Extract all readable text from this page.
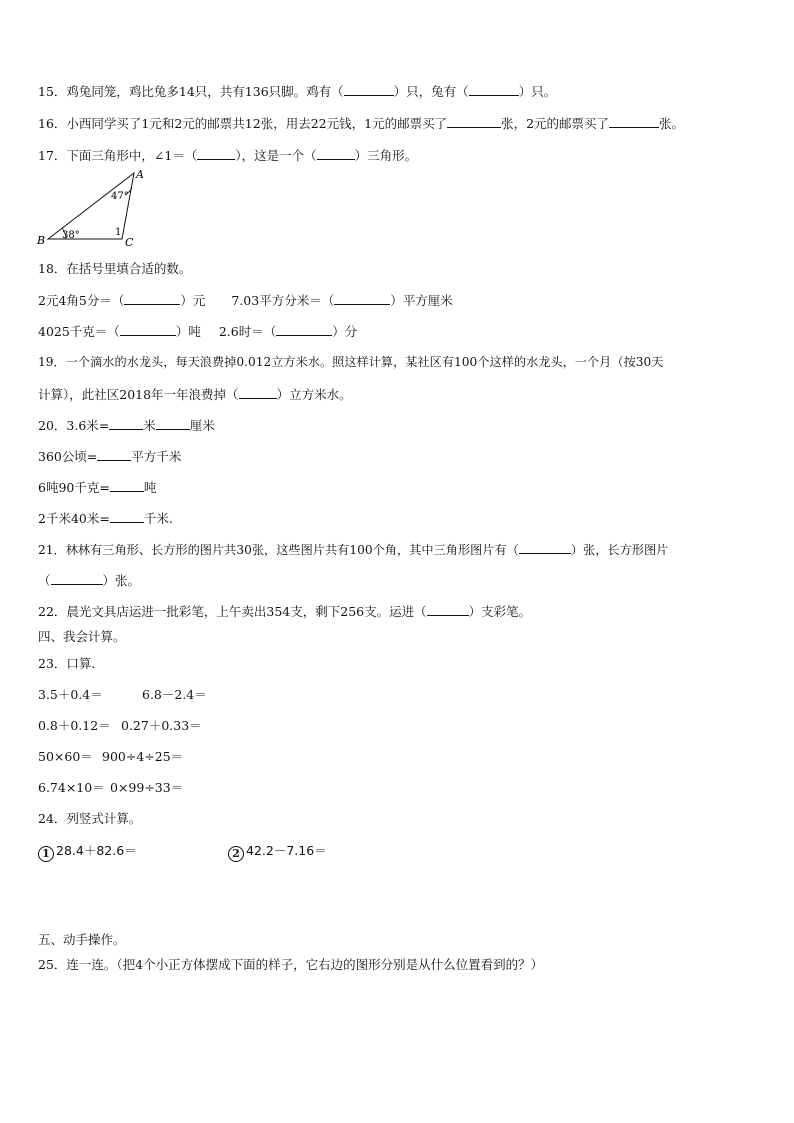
15．鸡兔同笼，鸡比兔多14只，共有136只脚。鸡有（	）只，兔有（	）只。
16．小西同学买了1元和2元的邮票共12张，用去22元钱，1元的邮票买了	张，2元的邮票买了	张。
17．下面三角形中，∠1＝（	），这是一个（	）三角形。
A
B	C
47°
38°	1
18．在括号里填合适的数。
2元4角5分＝（	）元 7.03平方分米＝（	）平方厘米
4025千克＝（	）吨 2.6时＝（	）分
19．一个滴水的水龙头，每天浪费掉0.012立方米水。照这样计算，某社区有100个这样的水龙头，一个月（按30天
计算），此社区2018年一年浪费掉（	）立方米水。
20．3.6米=	米	厘米
360公顷=	平方千米
6吨90千克=	吨
2千米40米=	千米.
21．林林有三角形、长方形的图片共30张，这些图片共有100个角，其中三角形图片有（	）张，长方形图片
（	）张。
22．晨光文具店运进一批彩笔，上午卖出354支，剩下256支。运进（	）支彩笔。
四、我会计算。
23．口算.
3.5＋0.4＝	6.8－2.4＝
0.8＋0.12＝ 0.27＋0.33＝
50×60＝ 900÷4÷25＝
6.74×10＝ 0×99÷33＝
24．列竖式计算。
1 28.4＋82.6＝	2 42.2－7.16＝
五、动手操作。
25．连一连。（把4个小正方体摆成下面的样子，它右边的图形分别是从什么位置看到的？）
